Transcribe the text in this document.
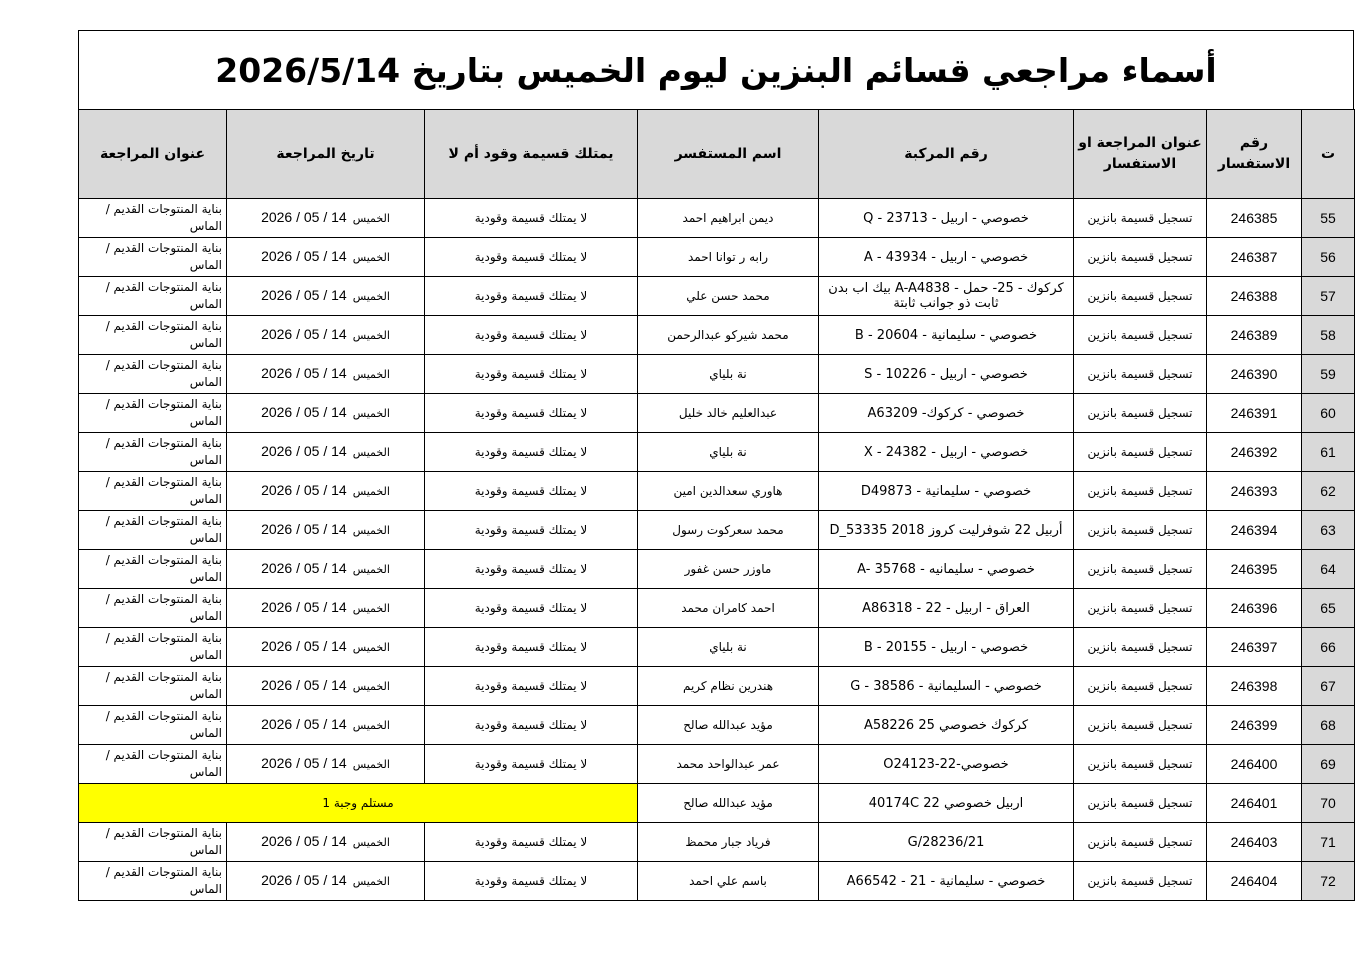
أسماء مراجعي قسائم البنزين ليوم الخميس بتاريخ 2026/5/14
ت	رقم الاستفسار	عنوان المراجعة او الاستفسار	رقم المركبة	اسم المستفسر	يمتلك قسيمة وقود أم لا	تاريخ المراجعة	عنوان المراجعة
55	246385	تسجيل قسيمة بانزين	خصوصي - اربيل - Q - 23713	ديمن ابراهيم احمد	لا يمتلك قسيمة وقودية	الخميس2026 / 05 / 14	بناية المنتوجات القديم / الماس
56	246387	تسجيل قسيمة بانزين	خصوصي - اربيل - A - 43934	رابه ر توانا احمد	لا يمتلك قسيمة وقودية	الخميس2026 / 05 / 14	بناية المنتوجات القديم / الماس
57	246388	تسجيل قسيمة بانزين	كركوك - 25- حمل - A-A4838 بيك اب بدن ثابت ذو جوانب ثابتة	محمد حسن علي	لا يمتلك قسيمة وقودية	الخميس2026 / 05 / 14	بناية المنتوجات القديم / الماس
58	246389	تسجيل قسيمة بانزين	خصوصي - سليمانية - B - 20604	محمد شيركو عبدالرحمن	لا يمتلك قسيمة وقودية	الخميس2026 / 05 / 14	بناية المنتوجات القديم / الماس
59	246390	تسجيل قسيمة بانزين	خصوصي - اربيل - S - 10226	نة بلياي	لا يمتلك قسيمة وقودية	الخميس2026 / 05 / 14	بناية المنتوجات القديم / الماس
60	246391	تسجيل قسيمة بانزين	خصوصي - كركوك- A63209	عبدالعليم خالد خليل	لا يمتلك قسيمة وقودية	الخميس2026 / 05 / 14	بناية المنتوجات القديم / الماس
61	246392	تسجيل قسيمة بانزين	خصوصي - اربيل - X - 24382	نة بلياي	لا يمتلك قسيمة وقودية	الخميس2026 / 05 / 14	بناية المنتوجات القديم / الماس
62	246393	تسجيل قسيمة بانزين	خصوصي - سليمانية - D49873	هاوري سعدالدين امين	لا يمتلك قسيمة وقودية	الخميس2026 / 05 / 14	بناية المنتوجات القديم / الماس
63	246394	تسجيل قسيمة بانزين	أربيل 22 شوفرليت كروز 2018 D_53335	محمد سعركوت رسول	لا يمتلك قسيمة وقودية	الخميس2026 / 05 / 14	بناية المنتوجات القديم / الماس
64	246395	تسجيل قسيمة بانزين	خصوصي - سليمانيه - A- 35768	ماوزر حسن غفور	لا يمتلك قسيمة وقودية	الخميس2026 / 05 / 14	بناية المنتوجات القديم / الماس
65	246396	تسجيل قسيمة بانزين	العراق - اربيل - 22 - A86318	احمد كامران محمد	لا يمتلك قسيمة وقودية	الخميس2026 / 05 / 14	بناية المنتوجات القديم / الماس
66	246397	تسجيل قسيمة بانزين	خصوصي - اربيل - B - 20155	نة بلياي	لا يمتلك قسيمة وقودية	الخميس2026 / 05 / 14	بناية المنتوجات القديم / الماس
67	246398	تسجيل قسيمة بانزين	خصوصي - السليمانية - G - 38586	هندرين نظام كريم	لا يمتلك قسيمة وقودية	الخميس2026 / 05 / 14	بناية المنتوجات القديم / الماس
68	246399	تسجيل قسيمة بانزين	كركوك خصوصي A58226 25	مؤيد عبدالله صالح	لا يمتلك قسيمة وقودية	الخميس2026 / 05 / 14	بناية المنتوجات القديم / الماس
69	246400	تسجيل قسيمة بانزين	خصوصي-22-O24123	عمر عبدالواحد محمد	لا يمتلك قسيمة وقودية	الخميس2026 / 05 / 14	بناية المنتوجات القديم / الماس
70	246401	تسجيل قسيمة بانزين	اربيل خصوصي 22 40174C	مؤيد عبدالله صالح	مستلم وجبة 1		
71	246403	تسجيل قسيمة بانزين	21/G/28236	فرياد جبار محمظ	لا يمتلك قسيمة وقودية	الخميس2026 / 05 / 14	بناية المنتوجات القديم / الماس
72	246404	تسجيل قسيمة بانزين	خصوصي - سليمانية - 21 - A66542	باسم علي احمد	لا يمتلك قسيمة وقودية	الخميس2026 / 05 / 14	بناية المنتوجات القديم / الماس
